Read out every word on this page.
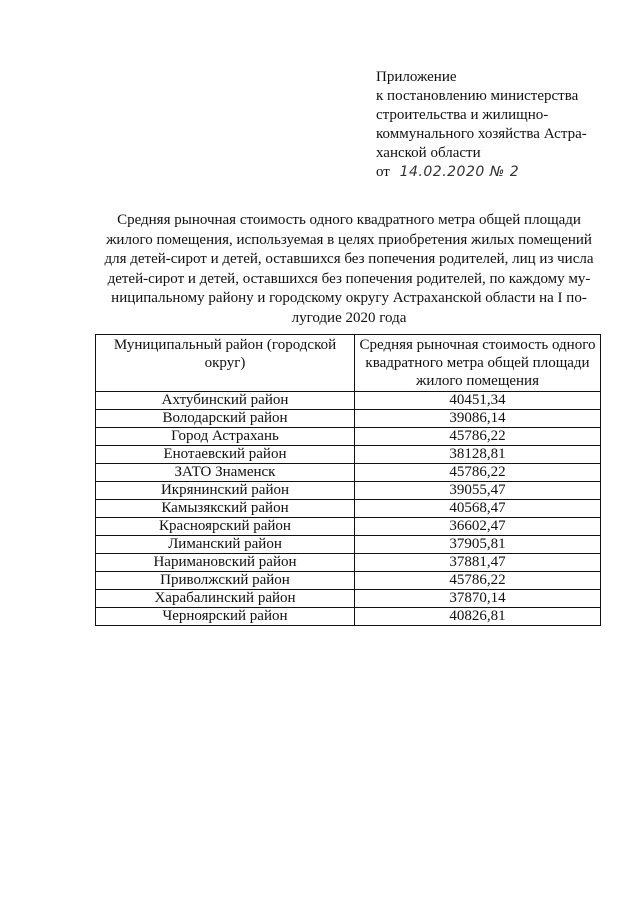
Приложение
к постановлению министерства
строительства и жилищно-
коммунального хозяйства Астра-
ханской области
от 14.02.2020 № 2
Средняя рыночная стоимость одного квадратного метра общей площади
жилого помещения, используемая в целях приобретения жилых помещений
для детей-сирот и детей, оставшихся без попечения родителей, лиц из числа
детей-сирот и детей, оставшихся без попечения родителей, по каждому му-
ниципальному району и городскому округу Астраханской области на I по-
лугодие 2020 года
Муниципальный район (городской округ)	Средняя рыночная стоимость одного квадратного метра общей площади жилого помещения
Ахтубинский район	40451,34
Володарский район	39086,14
Город Астрахань	45786,22
Енотаевский район	38128,81
ЗАТО Знаменск	45786,22
Икрянинский район	39055,47
Камызякский район	40568,47
Красноярский район	36602,47
Лиманский район	37905,81
Наримановский район	37881,47
Приволжский район	45786,22
Харабалинский район	37870,14
Черноярский район	40826,81
